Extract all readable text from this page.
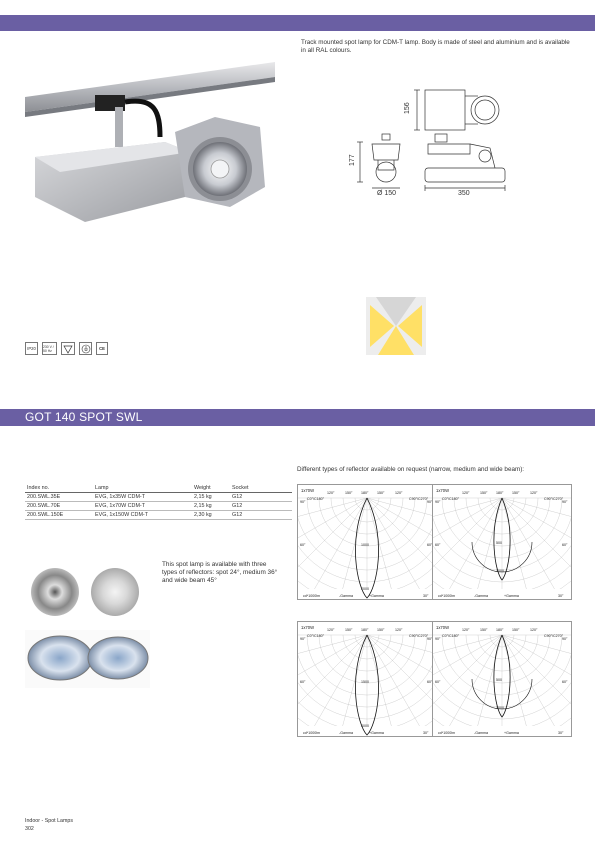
Track mounted spot lamp for CDM-T lamp. Body is made of steel and aluminium and is available in all RAL colours.
156
177
Ø 150	350
IP20 230 V / 50 Hz	CE
GOT 140 SPOT SWL
Different types of reflector available on request (narrow, medium and wide beam):
Index no.	Lamp	Weight	Socket
200.SWL.35E	EVG, 1x35W CDM-T	2,15 kg	G12
200.SWL.70E	EVG, 1x70W CDM-T	2,15 kg	G12
200.SWL.150E	EVG, 1x150W CDM-T	2,30 kg	G12
This spot lamp is available with three types of reflectors: spot 24°, medium 36° and wide beam 45°
1x70W
C0°/C180°	C90°/C270°
90°
120°	150° 180° 150°	120°
90°
60°	60°
1000
2000
cd*1000lm	-Gamma	+Gamma	30°
1x70W
C0°/C180°	C90°/C270°
90°
120°	150° 180° 150°	120°
90°
60°	60°
500
1000
cd*1000lm	-Gamma	+Gamma	30°
1x70W
C0°/C180°	C90°/C270°
90°
120°	150° 180° 150°	120°
90°
60°	60°
1500
3000
cd*1000lm	-Gamma	+Gamma	30°
1x70W
C0°/C180°	C90°/C270°
90°
120°	150° 180° 150°	120°
90°
60°	60°
500
1000
cd*1000lm	-Gamma	+Gamma	30°
Indoor - Spot Lamps
302
